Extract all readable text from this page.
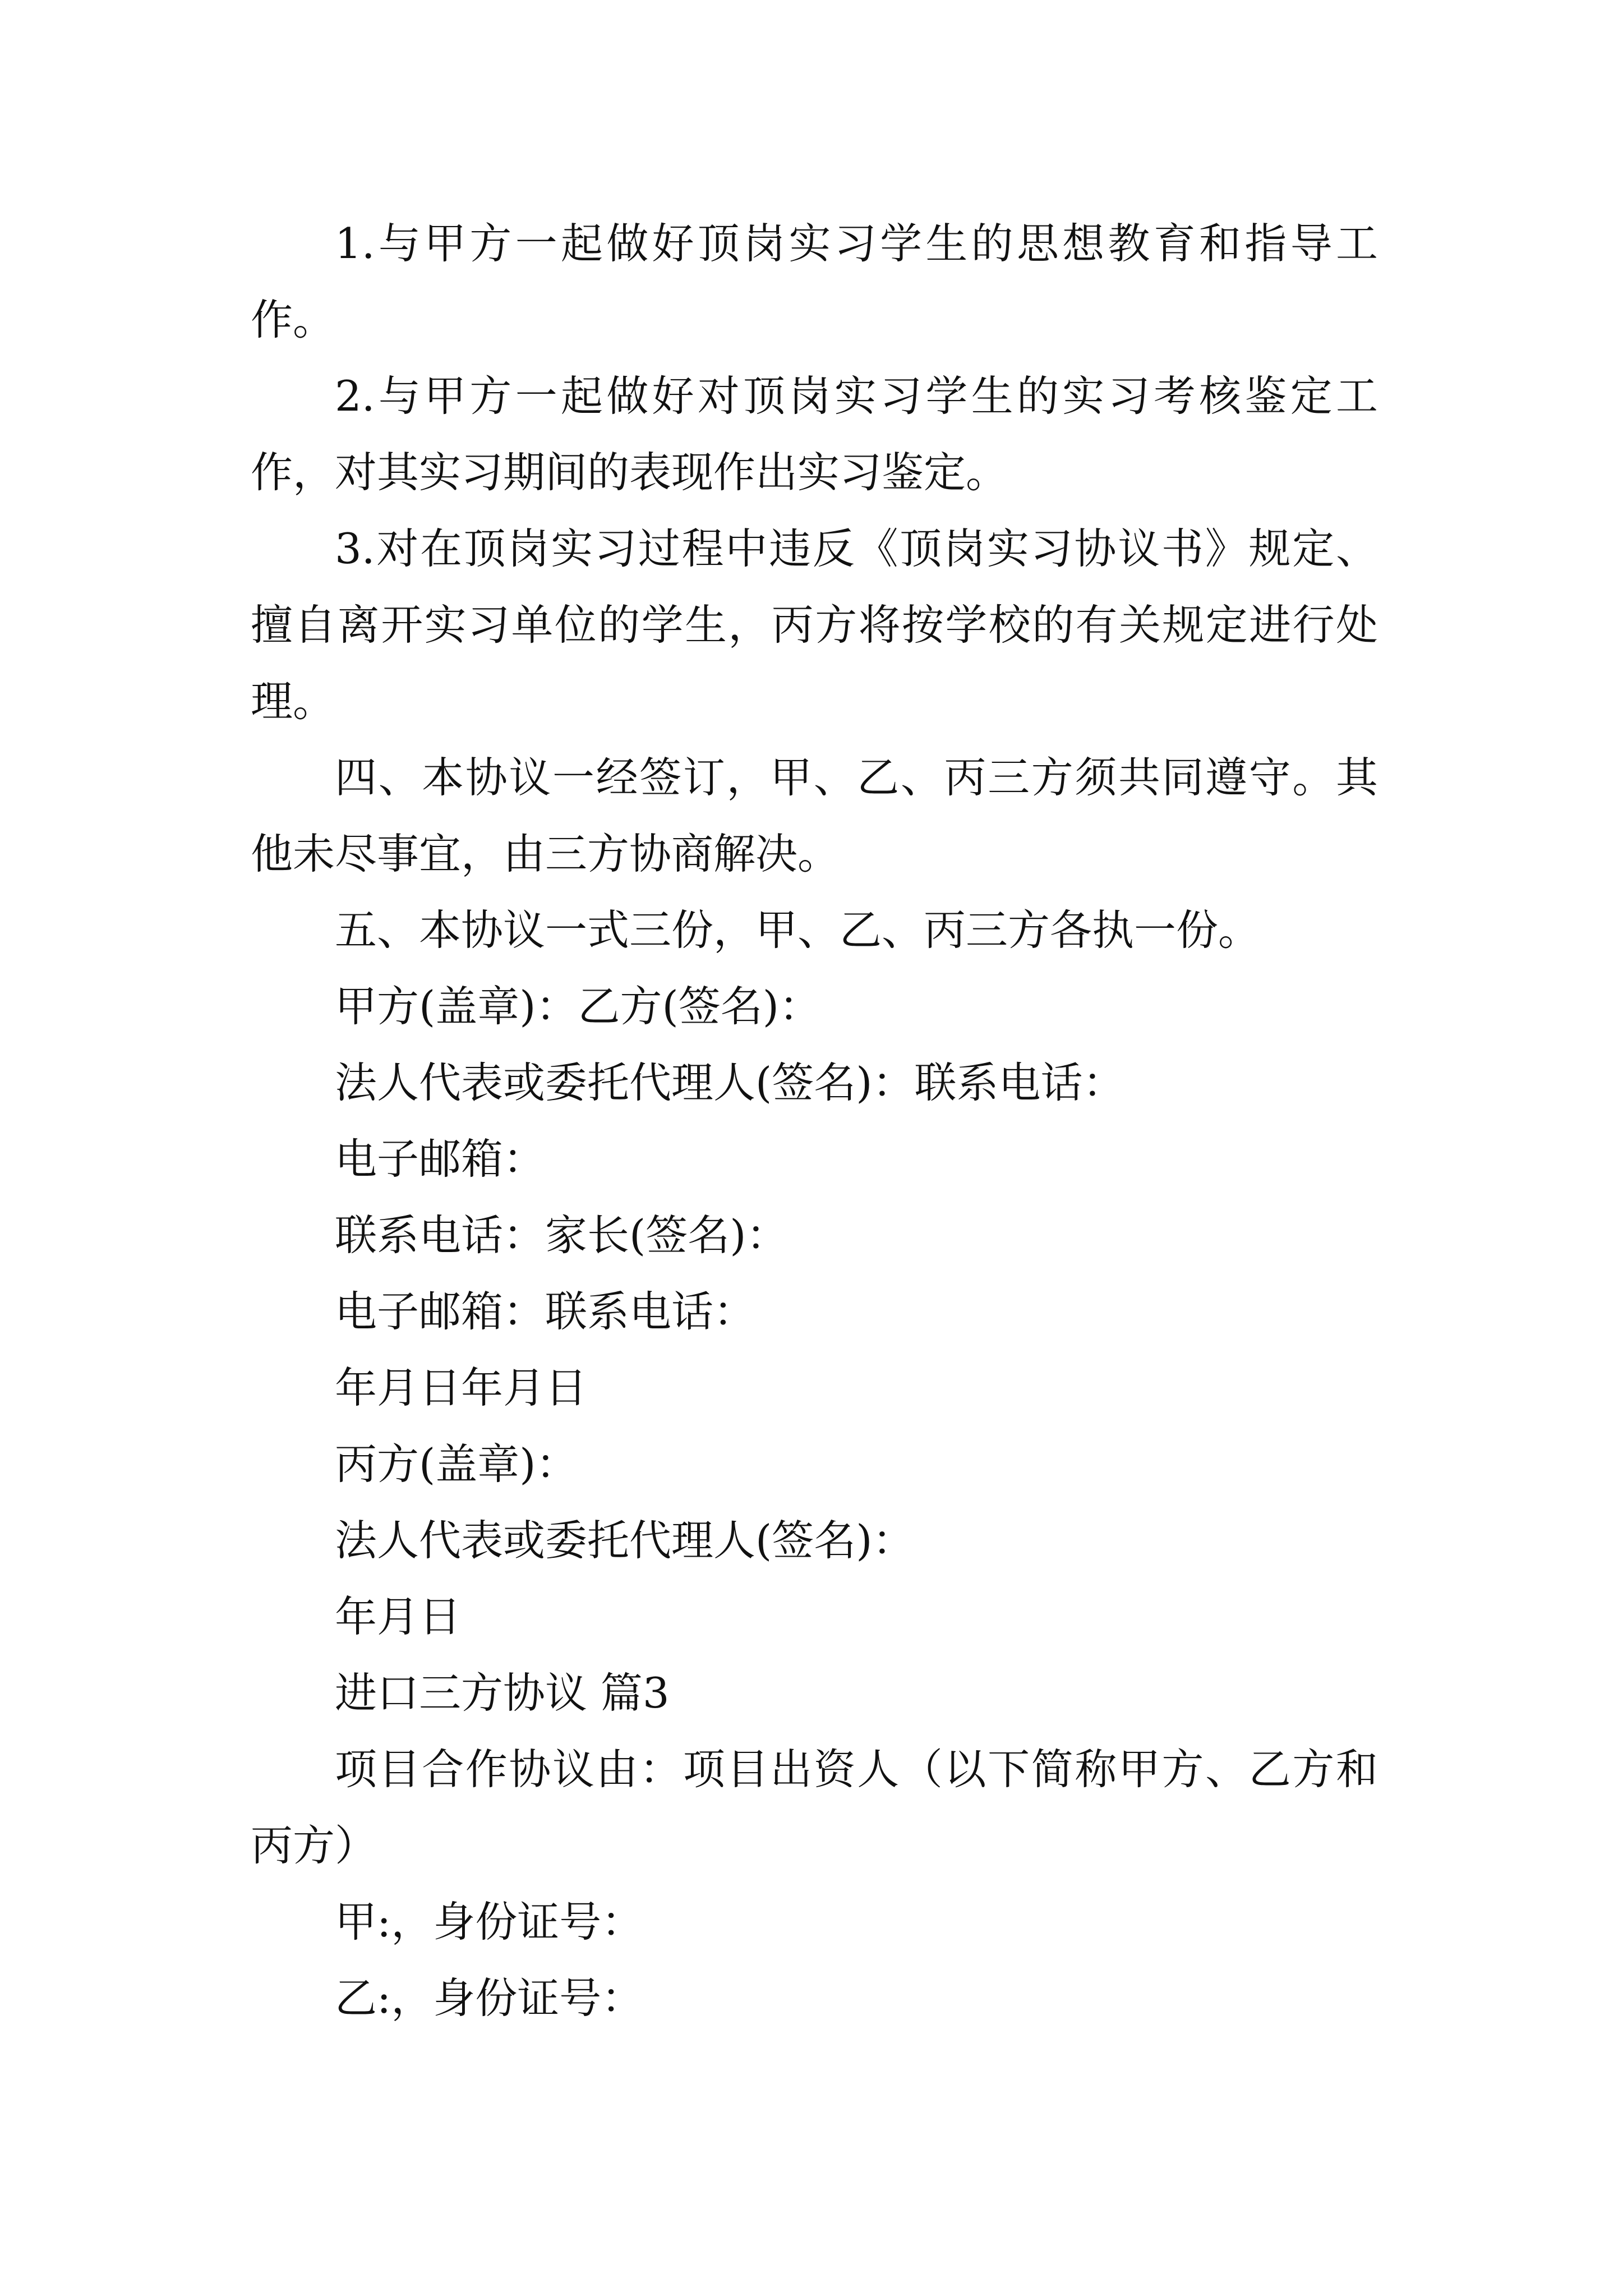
1.与甲方一起做好顶岗实习学生的思想教育和指导工作。

2.与甲方一起做好对顶岗实习学生的实习考核鉴定工作，对其实习期间的表现作出实习鉴定。

3.对在顶岗实习过程中违反《顶岗实习协议书》规定、擅自离开实习单位的学生，丙方将按学校的有关规定进行处理。

四、本协议一经签订，甲、乙、丙三方须共同遵守。其他未尽事宜，由三方协商解决。

五、本协议一式三份，甲、乙、丙三方各执一份。

甲方(盖章)：乙方(签名)：

法人代表或委托代理人(签名)：联系电话：

电子邮箱：

联系电话：家长(签名)：

电子邮箱：联系电话：

年月日年月日

丙方(盖章)：

法人代表或委托代理人(签名)：

年月日

进口三方协议 篇3

项目合作协议由：项目出资人（以下简称甲方、乙方和丙方）

甲:，身份证号：

乙:，身份证号：
